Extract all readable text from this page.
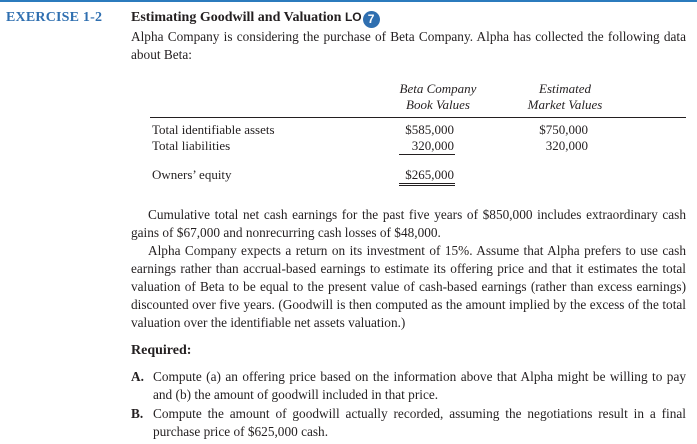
EXERCISE 1-2 Estimating Goodwill and Valuation LO 7
Alpha Company is considering the purchase of Beta Company. Alpha has collected the following data about Beta:
Beta Company
Book Values
Estimated
Market Values
Total identifiable assets	$585,000	$750,000
Total liabilities	320,000	320,000
Owners’ equity	$265,000
Cumulative total net cash earnings for the past five years of $850,000 includes extraordinary cash gains of $67,000 and nonrecurring cash losses of $48,000.
Alpha Company expects a return on its investment of 15%. Assume that Alpha prefers to use cash earnings rather than accrual-based earnings to estimate its offering price and that it estimates the total valuation of Beta to be equal to the present value of cash-based earnings (rather than excess earnings) discounted over five years. (Goodwill is then computed as the amount implied by the excess of the total valuation over the identifiable net assets valuation.)
Required:
A. Compute (a) an offering price based on the information above that Alpha might be willing to pay and (b) the amount of goodwill included in that price.
B. Compute the amount of goodwill actually recorded, assuming the negotiations result in a final purchase price of $625,000 cash.
